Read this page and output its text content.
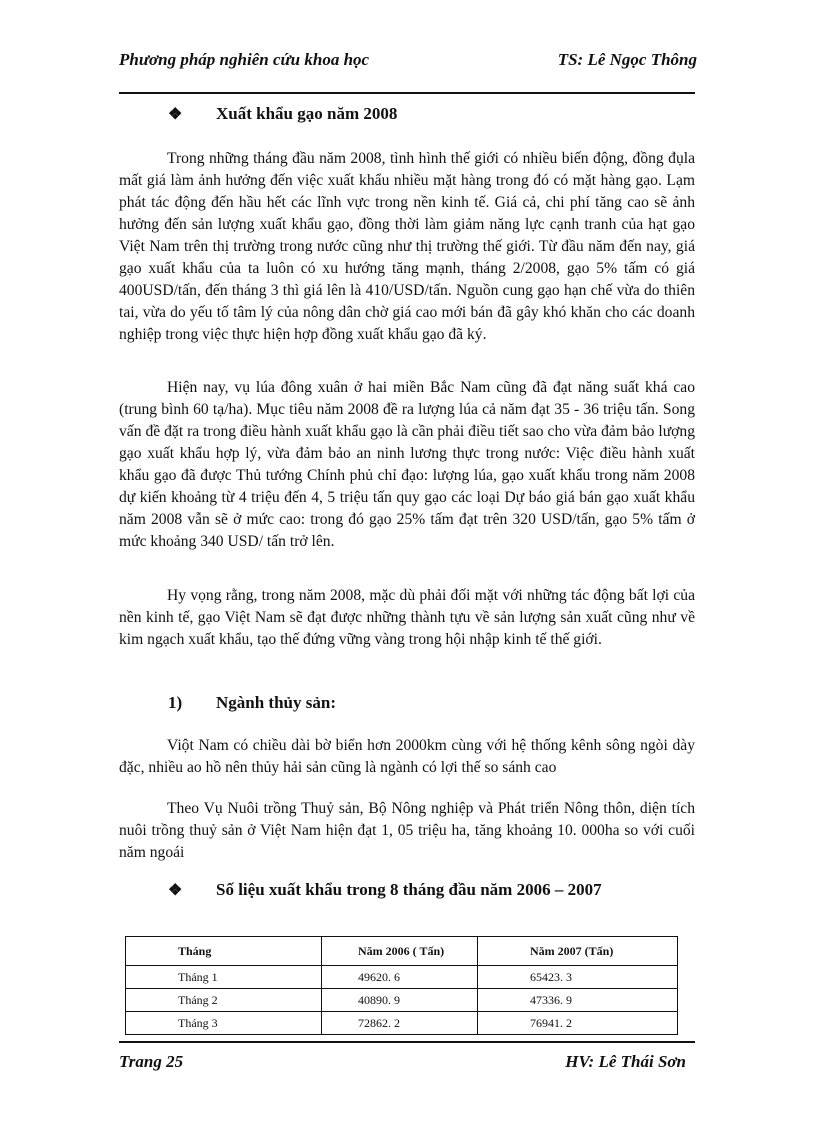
Phương pháp nghiên cứu khoa học	TS: Lê Ngọc Thông
❖	Xuất khẩu gạo năm 2008

Trong những tháng đầu năm 2008, tình hình thế giới có nhiều biến động, đồng đụla mất giá làm ảnh hưởng đến việc xuất khẩu nhiều mặt hàng trong đó có mặt hàng gạo. Lạm phát tác động đến hầu hết các lĩnh vực trong nền kinh tế. Giá cả, chi phí tăng cao sẽ ảnh hưởng đến sản lượng xuất khẩu gạo, đồng thời làm giảm năng lực cạnh tranh của hạt gạo Việt Nam trên thị trường trong nước cũng như thị trường thế giới. Từ đầu năm đến nay, giá gạo xuất khẩu của ta luôn có xu hướng tăng mạnh, tháng 2/2008, gạo 5% tấm có giá 400USD/tấn, đến tháng 3 thì giá lên là 410/USD/tấn. Nguồn cung gạo hạn chế vừa do thiên tai, vừa do yếu tố tâm lý của nông dân chờ giá cao mới bán đã gây khó khăn cho các doanh nghiệp trong việc thực hiện hợp đồng xuất khẩu gạo đã ký.

Hiện nay, vụ lúa đông xuân ở hai miền Bắc Nam cũng đã đạt năng suất khá cao (trung bình 60 tạ/ha). Mục tiêu năm 2008 đề ra lượng lúa cả năm đạt 35 - 36 triệu tấn. Song vấn đề đặt ra trong điều hành xuất khẩu gạo là cần phải điều tiết sao cho vừa đảm bảo lượng gạo xuất khẩu hợp lý, vừa đảm bảo an ninh lương thực trong nước: Việc điều hành xuất khẩu gạo đã được Thủ tướng Chính phủ chỉ đạo: lượng lúa, gạo xuất khẩu trong năm 2008 dự kiến khoảng từ 4 triệu đến 4, 5 triệu tấn quy gạo các loại Dự báo giá bán gạo xuất khẩu năm 2008 vẫn sẽ ở mức cao: trong đó gạo 25% tấm đạt trên 320 USD/tấn, gạo 5% tấm ở mức khoảng 340 USD/ tấn trở lên.

Hy vọng rằng, trong năm 2008, mặc dù phải đối mặt với những tác động bất lợi của nền kinh tế, gạo Việt Nam sẽ đạt được những thành tựu về sản lượng sản xuất cũng như về kim ngạch xuất khẩu, tạo thế đứng vững vàng trong hội nhập kinh tế thế giới.

1) Ngành thủy sản:

Viột Nam có chiều dài bờ biển hơn 2000km cùng với hệ thống kênh sông ngòi dày đặc, nhiều ao hồ nên thủy hải sản cũng là ngành có lợi thế so sánh cao

Theo Vụ Nuôi trồng Thuỷ sản, Bộ Nông nghiệp và Phát triển Nông thôn, diện tích nuôi trồng thuỷ sản ở Việt Nam hiện đạt 1, 05 triệu ha, tăng khoảng 10. 000ha so với cuối năm ngoái

❖	Số liệu xuất khẩu trong 8 tháng đầu năm 2006 – 2007
Tháng	Năm 2006 ( Tấn)	Năm 2007 (Tấn)
Tháng 1	49620. 6	65423. 3
Tháng 2	40890. 9	47336. 9
Tháng 3	72862. 2	76941. 2
Trang 25	HV: Lê Thái Sơn
